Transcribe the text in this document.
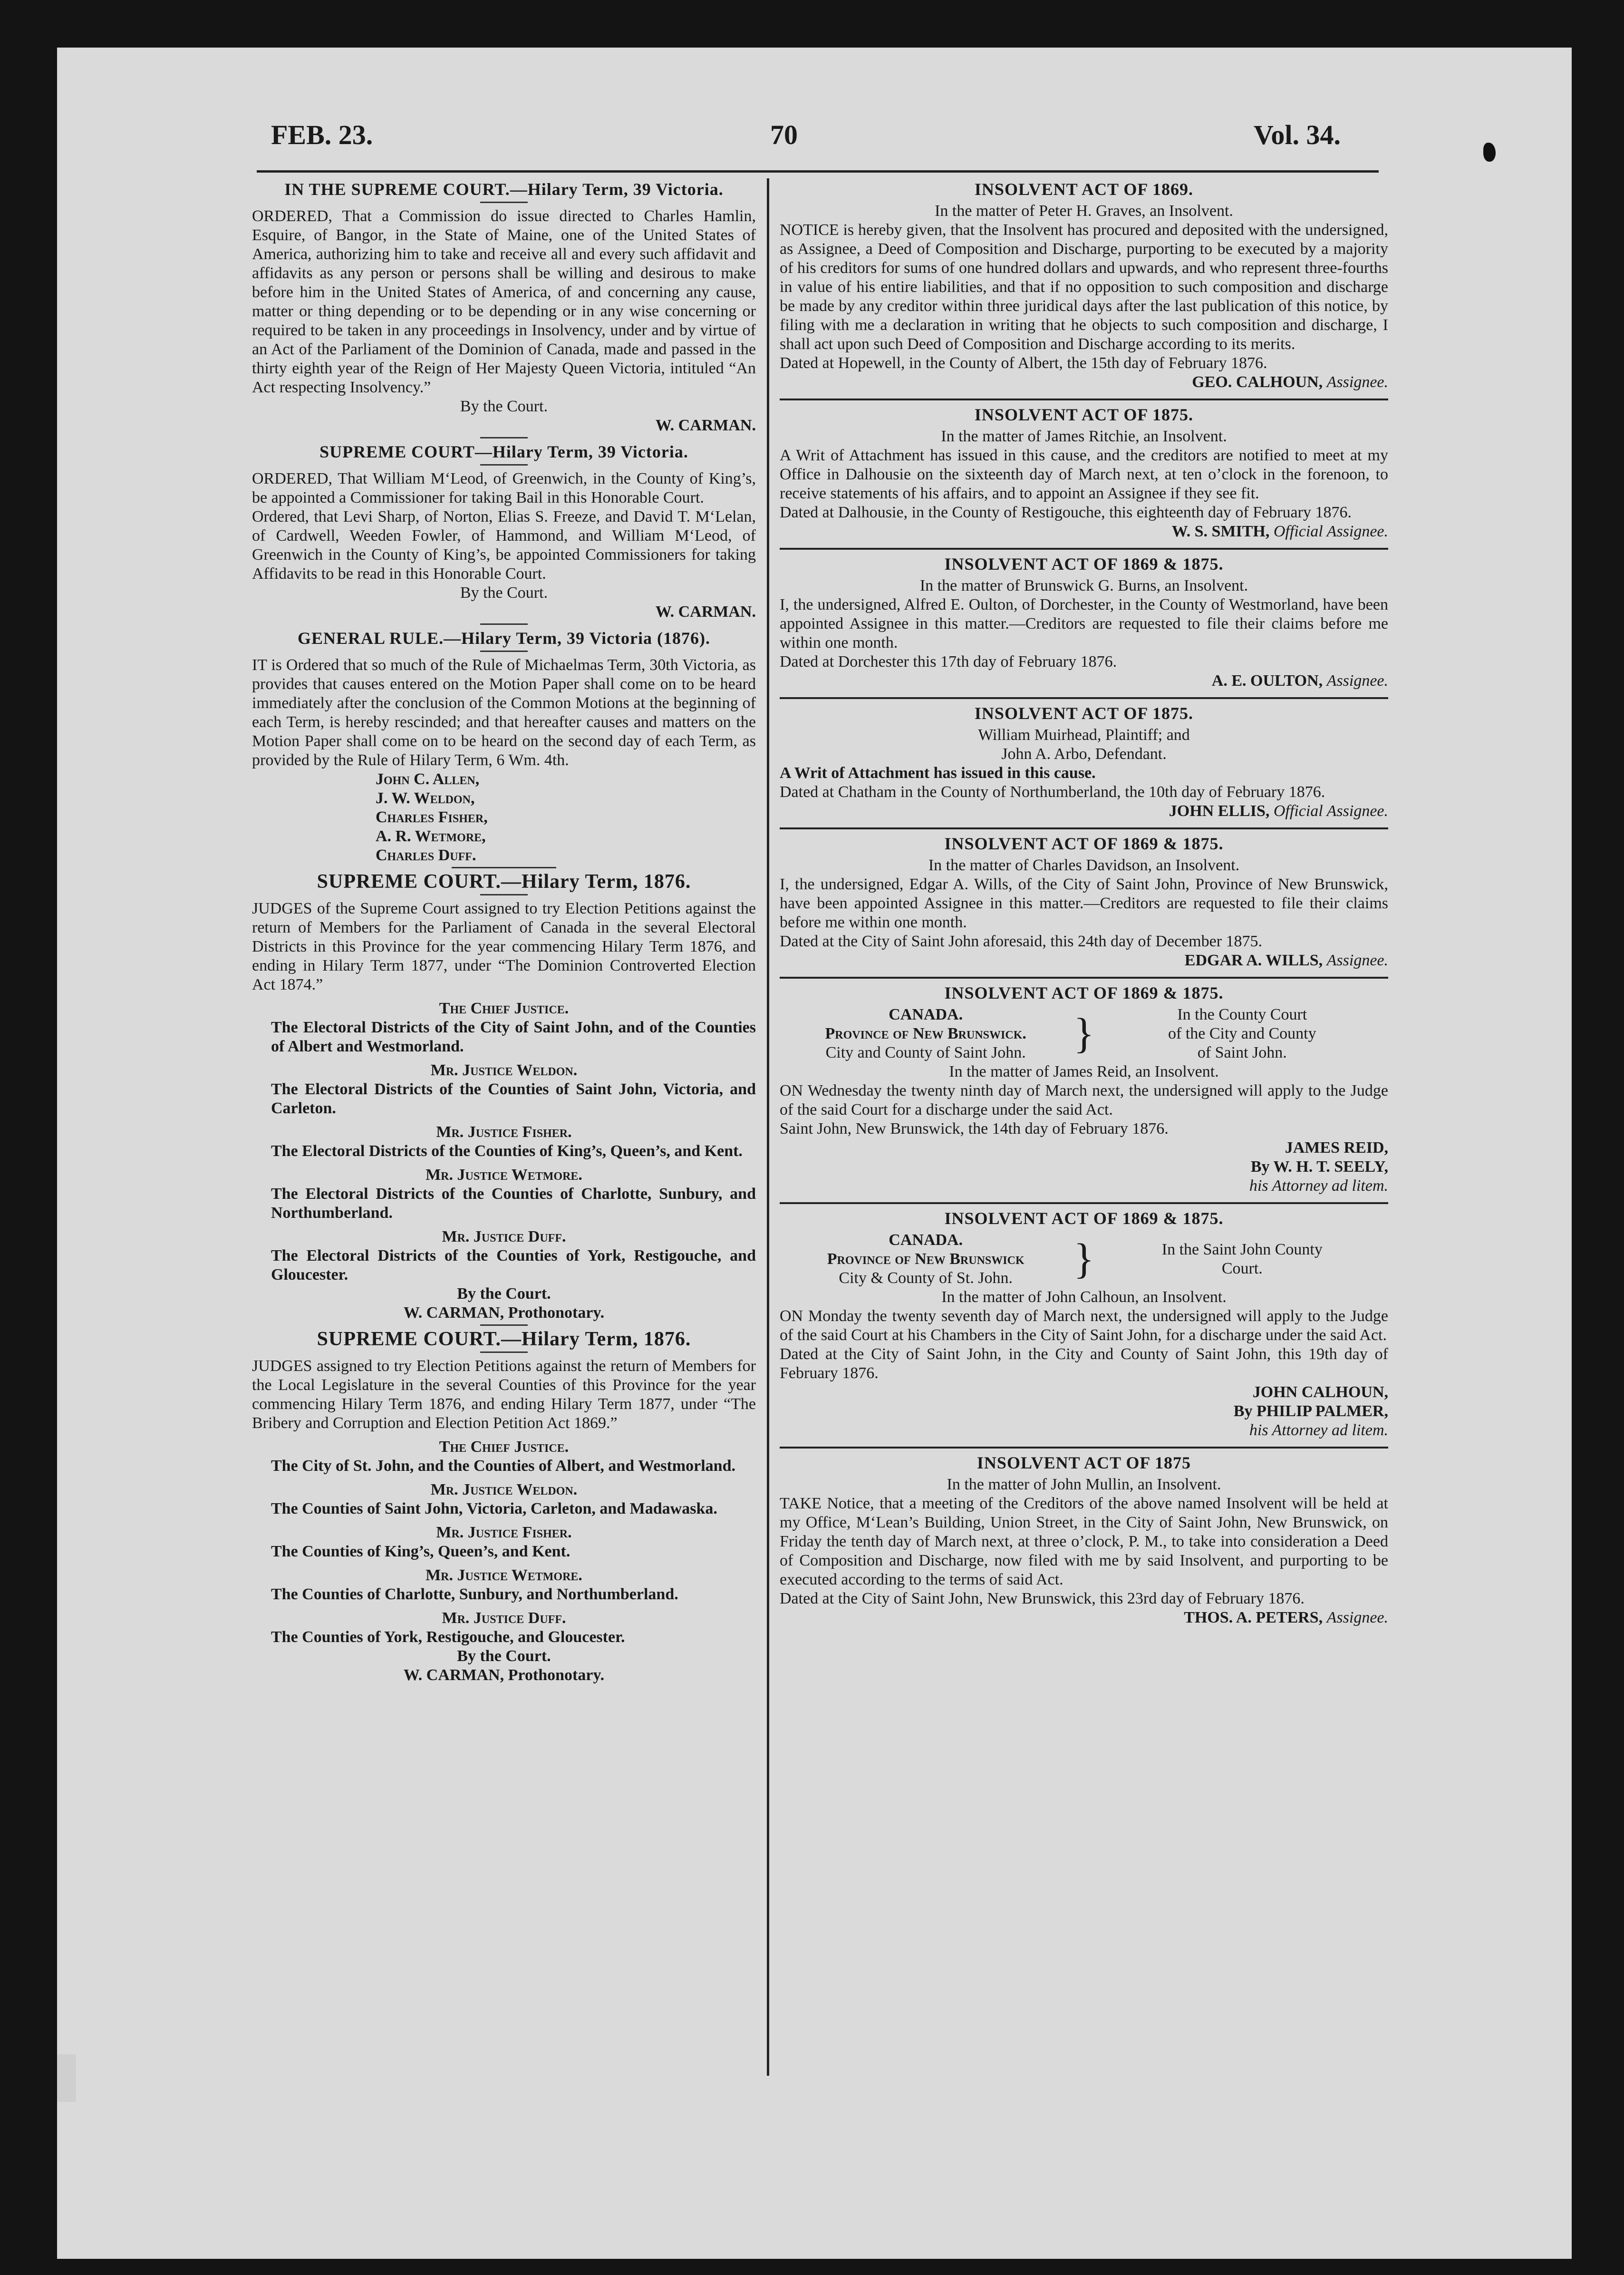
FEB. 23.	70	Vol. 34.
IN THE SUPREME COURT.—Hilary Term, 39 Victoria.

ORDERED, That a Commission do issue directed to Charles Hamlin, Esquire, of Bangor, in the State of Maine, one of the United States of America, authorizing him to take and receive all and every such affidavit and affidavits as any person or persons shall be willing and desirous to make before him in the United States of America, of and concerning any cause, matter or thing depending or to be depending or in any wise concerning or required to be taken in any proceedings in Insolvency, under and by virtue of an Act of the Parliament of the Dominion of Canada, made and passed in the thirty eighth year of the Reign of Her Majesty Queen Victoria, intituled “An Act respecting Insolvency.”

By the Court.

W. CARMAN.

SUPREME COURT—Hilary Term, 39 Victoria.

ORDERED, That William M‘Leod, of Greenwich, in the County of King’s, be appointed a Commissioner for taking Bail in this Honorable Court.

Ordered, that Levi Sharp, of Norton, Elias S. Freeze, and David T. M‘Lelan, of Cardwell, Weeden Fowler, of Hammond, and William M‘Leod, of Greenwich in the County of King’s, be appointed Commissioners for taking Affidavits to be read in this Honorable Court.

By the Court.

W. CARMAN.

GENERAL RULE.—Hilary Term, 39 Victoria (1876).

IT is Ordered that so much of the Rule of Michaelmas Term, 30th Victoria, as provides that causes entered on the Motion Paper shall come on to be heard immediately after the conclusion of the Common Motions at the beginning of each Term, is hereby rescinded; and that hereafter causes and matters on the Motion Paper shall come on to be heard on the second day of each Term, as provided by the Rule of Hilary Term, 6 Wm. 4th.

John C. Allen,
J. W. Weldon,
Charles Fisher,
A. R. Wetmore,
Charles Duff.
SUPREME COURT.—Hilary Term, 1876.

JUDGES of the Supreme Court assigned to try Election Petitions against the return of Members for the Parliament of Canada in the several Electoral Districts in this Province for the year commencing Hilary Term 1876, and ending in Hilary Term 1877, under “The Dominion Controverted Election Act 1874.”

The Chief Justice.

The Electoral Districts of the City of Saint John, and of the Counties of Albert and Westmorland.

Mr. Justice Weldon.

The Electoral Districts of the Counties of Saint John, Victoria, and Carleton.

Mr. Justice Fisher.

The Electoral Districts of the Counties of King’s, Queen’s, and Kent.

Mr. Justice Wetmore.

The Electoral Districts of the Counties of Charlotte, Sunbury, and Northumberland.

Mr. Justice Duff.

The Electoral Districts of the Counties of York, Restigouche, and Gloucester.

By the Court.

W. CARMAN, Prothonotary.

SUPREME COURT.—Hilary Term, 1876.

JUDGES assigned to try Election Petitions against the return of Members for the Local Legislature in the several Counties of this Province for the year commencing Hilary Term 1876, and ending Hilary Term 1877, under “The Bribery and Corruption and Election Petition Act 1869.”

The Chief Justice.

The City of St. John, and the Counties of Albert, and Westmorland.

Mr. Justice Weldon.

The Counties of Saint John, Victoria, Carleton, and Madawaska.

Mr. Justice Fisher.

The Counties of King’s, Queen’s, and Kent.

Mr. Justice Wetmore.

The Counties of Charlotte, Sunbury, and Northumberland.

Mr. Justice Duff.

The Counties of York, Restigouche, and Gloucester.

By the Court.

W. CARMAN, Prothonotary.

INSOLVENT ACT OF 1869.

In the matter of Peter H. Graves, an Insolvent.

NOTICE is hereby given, that the Insolvent has procured and deposited with the undersigned, as Assignee, a Deed of Composition and Discharge, purporting to be executed by a majority of his creditors for sums of one hundred dollars and upwards, and who represent three-fourths in value of his entire liabilities, and that if no opposition to such composition and discharge be made by any creditor within three juridical days after the last publication of this notice, by filing with me a declaration in writing that he objects to such composition and discharge, I shall act upon such Deed of Composition and Discharge according to its merits.

Dated at Hopewell, in the County of Albert, the 15th day of February 1876.

GEO. CALHOUN, Assignee.

INSOLVENT ACT OF 1875.

In the matter of James Ritchie, an Insolvent.

A Writ of Attachment has issued in this cause, and the creditors are notified to meet at my Office in Dalhousie on the sixteenth day of March next, at ten o’clock in the forenoon, to receive statements of his affairs, and to appoint an Assignee if they see fit.

Dated at Dalhousie, in the County of Restigouche, this eighteenth day of February 1876.

W. S. SMITH, Official Assignee.

INSOLVENT ACT OF 1869 & 1875.

In the matter of Brunswick G. Burns, an Insolvent.

I, the undersigned, Alfred E. Oulton, of Dorchester, in the County of Westmorland, have been appointed Assignee in this matter.—Creditors are requested to file their claims before me within one month.

Dated at Dorchester this 17th day of February 1876.

A. E. OULTON, Assignee.

INSOLVENT ACT OF 1875.

William Muirhead, Plaintiff; and

John A. Arbo, Defendant.

A Writ of Attachment has issued in this cause.

Dated at Chatham in the County of Northumberland, the 10th day of February 1876.

JOHN ELLIS, Official Assignee.

INSOLVENT ACT OF 1869 & 1875.

In the matter of Charles Davidson, an Insolvent.

I, the undersigned, Edgar A. Wills, of the City of Saint John, Province of New Brunswick, have been appointed Assignee in this matter.—Creditors are requested to file their claims before me within one month.

Dated at the City of Saint John aforesaid, this 24th day of December 1875.

EDGAR A. WILLS, Assignee.

INSOLVENT ACT OF 1869 & 1875.
CANADA.
Province of New Brunswick.
City and County of Saint John.	}	In the County Court
of the City and County
of Saint John.

In the matter of James Reid, an Insolvent.

ON Wednesday the twenty ninth day of March next, the undersigned will apply to the Judge of the said Court for a discharge under the said Act.

Saint John, New Brunswick, the 14th day of February 1876.

JAMES REID,

By W. H. T. SEELY,

his Attorney ad litem.

INSOLVENT ACT OF 1869 & 1875.
CANADA.
Province of New Brunswick
City & County of St. John.	}	In the Saint John County
Court.

In the matter of John Calhoun, an Insolvent.

ON Monday the twenty seventh day of March next, the undersigned will apply to the Judge of the said Court at his Chambers in the City of Saint John, for a discharge under the said Act.

Dated at the City of Saint John, in the City and County of Saint John, this 19th day of February 1876.

JOHN CALHOUN,

By PHILIP PALMER,

his Attorney ad litem.

INSOLVENT ACT OF 1875

In the matter of John Mullin, an Insolvent.

TAKE Notice, that a meeting of the Creditors of the above named Insolvent will be held at my Office, M‘Lean’s Building, Union Street, in the City of Saint John, New Brunswick, on Friday the tenth day of March next, at three o’clock, P. M., to take into consideration a Deed of Composition and Discharge, now filed with me by said Insolvent, and purporting to be executed according to the terms of said Act.

Dated at the City of Saint John, New Brunswick, this 23rd day of February 1876.

THOS. A. PETERS, Assignee.
